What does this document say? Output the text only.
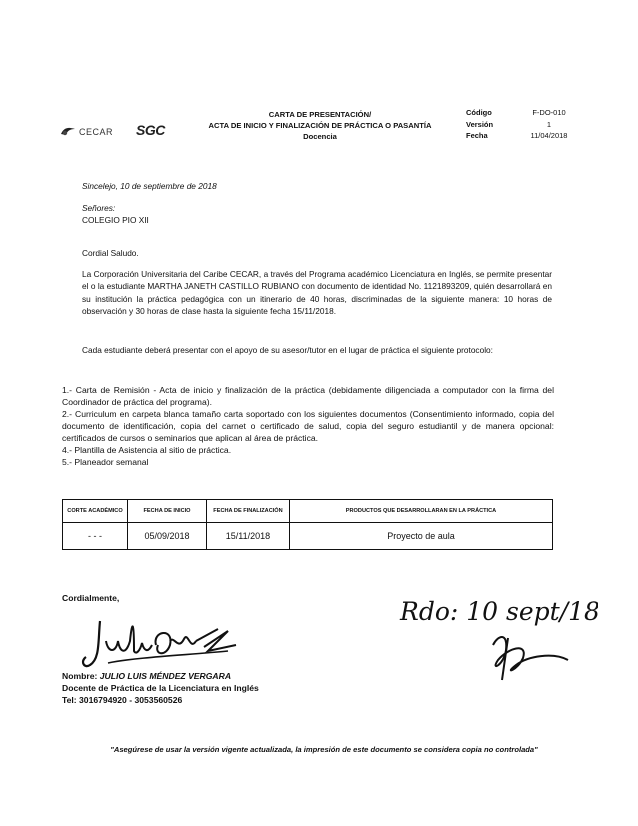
CECAR SGC
CARTA DE PRESENTACIÓN/
ACTA DE INICIO Y FINALIZACIÓN DE PRÁCTICA O PASANTÍA
Docencia
Código	F-DO-010
Versión	1
Fecha	11/04/2018
Sincelejo, 10 de septiembre de 2018
Señores:
COLEGIO PIO XII
Cordial Saludo.
La Corporación Universitaria del Caribe CECAR, a través del Programa académico Licenciatura en Inglés, se permite presentar el o la estudiante MARTHA JANETH CASTILLO RUBIANO con documento de identidad No. 1121893209, quién desarrollará en su institución la práctica pedagógica con un itinerario de 40 horas, discriminadas de la siguiente manera: 10 horas de observación y 30 horas de clase hasta la siguiente fecha 15/11/2018.
Cada estudiante deberá presentar con el apoyo de su asesor/tutor en el lugar de práctica el siguiente protocolo:
1.- Carta de Remisión - Acta de inicio y finalización de la práctica (debidamente diligenciada a computador con la firma del Coordinador de práctica del programa).
2.- Curriculum en carpeta blanca tamaño carta soportado con los siguientes documentos (Consentimiento informado, copia del documento de identificación, copia del carnet o certificado de salud, copia del seguro estudiantil y de manera opcional: certificados de cursos o seminarios que aplican al área de práctica.
4.- Plantilla de Asistencia al sitio de práctica.
5.- Planeador semanal
CORTE ACADÉMICO	FECHA DE INICIO	FECHA DE FINALIZACIÓN	PRODUCTOS QUE DESARROLLARAN EN LA PRÁCTICA
- - -	05/09/2018	15/11/2018	Proyecto de aula
Cordialmente,	Rdo: 10 sept/18
Nombre: JULIO LUIS MÉNDEZ VERGARA
Docente de Práctica de la Licenciatura en Inglés
Tel: 3016794920 - 3053560526
"Asegúrese de usar la versión vigente actualizada, la impresión de este documento se considera copia no controlada"
